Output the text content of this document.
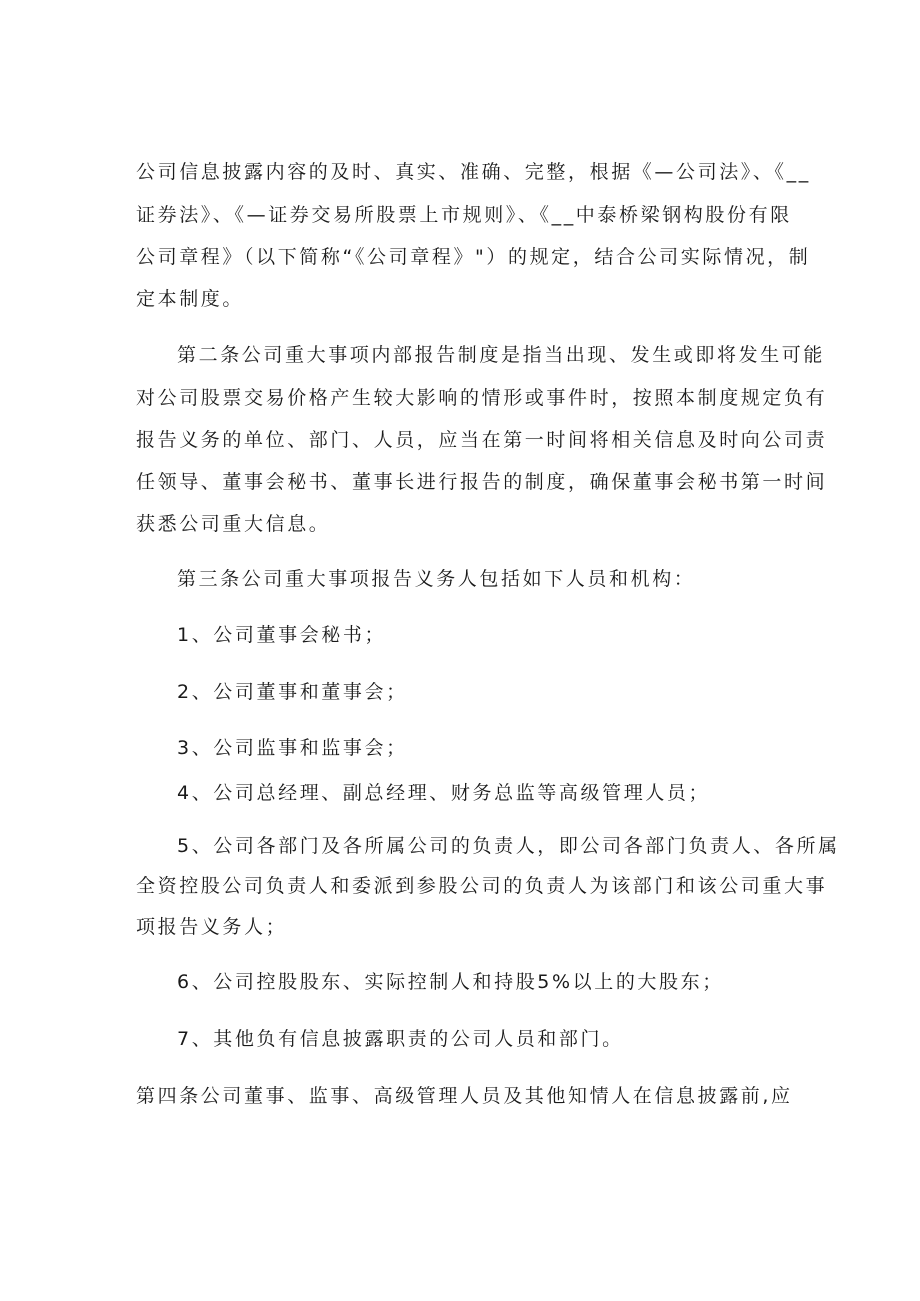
公司信息披露内容的及时、真实、准确、完整，根据《—公司法》、《__
证券法》、《—证券交易所股票上市规则》、《__中泰桥梁钢构股份有限
公司章程》（以下简称“《公司章程》"）的规定，结合公司实际情况，制
定本制度。
第二条公司重大事项内部报告制度是指当出现、发生或即将发生可能
对公司股票交易价格产生较大影响的情形或事件时，按照本制度规定负有
报告义务的单位、部门、人员，应当在第一时间将相关信息及时向公司责
任领导、董事会秘书、董事长进行报告的制度，确保董事会秘书第一时间
获悉公司重大信息。
第三条公司重大事项报告义务人包括如下人员和机构：
1、公司董事会秘书；
2、公司董事和董事会；
3、公司监事和监事会；
4、公司总经理、副总经理、财务总监等高级管理人员；
5、公司各部门及各所属公司的负责人，即公司各部门负责人、各所属
全资控股公司负责人和委派到参股公司的负责人为该部门和该公司重大事
项报告义务人；
6、公司控股股东、实际控制人和持股5%以上的大股东；
7、其他负有信息披露职责的公司人员和部门。
第四条公司董事、监事、高级管理人员及其他知情人在信息披露前,应
